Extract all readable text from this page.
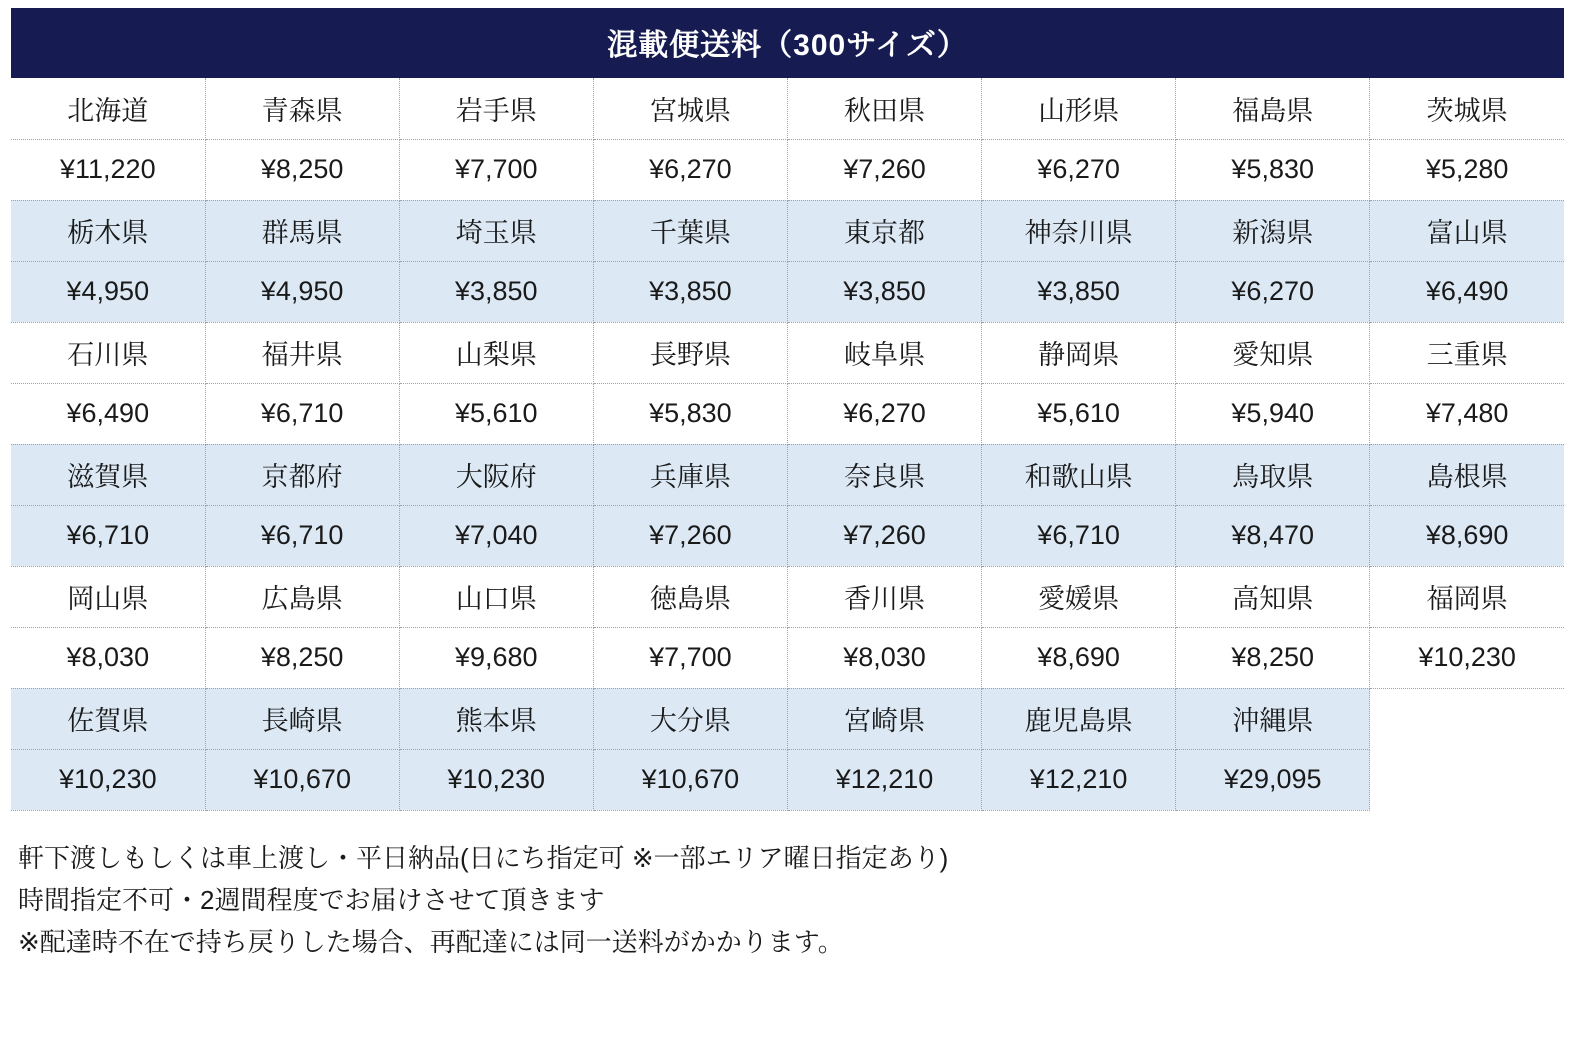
混載便送料（300サイズ）							
北海道	青森県	岩手県	宮城県	秋田県	山形県	福島県	茨城県
¥11,220	¥8,250	¥7,700	¥6,270	¥7,260	¥6,270	¥5,830	¥5,280
栃木県	群馬県	埼玉県	千葉県	東京都	神奈川県	新潟県	富山県
¥4,950	¥4,950	¥3,850	¥3,850	¥3,850	¥3,850	¥6,270	¥6,490
石川県	福井県	山梨県	長野県	岐阜県	静岡県	愛知県	三重県
¥6,490	¥6,710	¥5,610	¥5,830	¥6,270	¥5,610	¥5,940	¥7,480
滋賀県	京都府	大阪府	兵庫県	奈良県	和歌山県	鳥取県	島根県
¥6,710	¥6,710	¥7,040	¥7,260	¥7,260	¥6,710	¥8,470	¥8,690
岡山県	広島県	山口県	徳島県	香川県	愛媛県	高知県	福岡県
¥8,030	¥8,250	¥9,680	¥7,700	¥8,030	¥8,690	¥8,250	¥10,230
佐賀県	長崎県	熊本県	大分県	宮崎県	鹿児島県	沖縄県	
¥10,230	¥10,670	¥10,230	¥10,670	¥12,210	¥12,210	¥29,095	
軒下渡しもしくは車上渡し・平日納品(日にち指定可 ※一部エリア曜日指定あり)
時間指定不可・2週間程度でお届けさせて頂きます
※配達時不在で持ち戻りした場合、再配達には同一送料がかかります。
